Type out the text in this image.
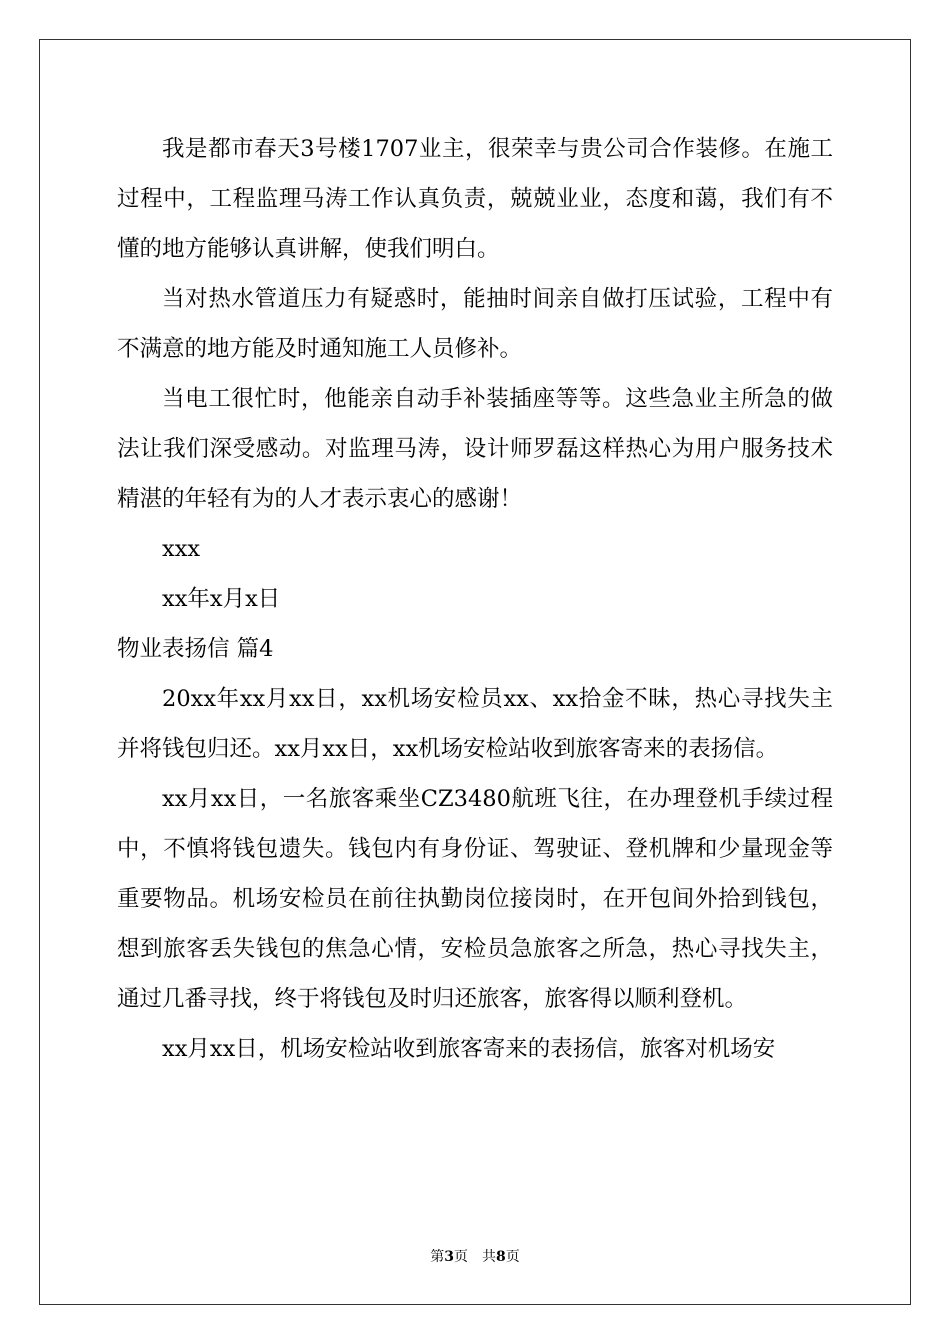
我是都市春天3号楼1707业主，很荣幸与贵公司合作装修。在施工过程中，工程监理马涛工作认真负责，兢兢业业，态度和蔼，我们有不懂的地方能够认真讲解，使我们明白。

当对热水管道压力有疑惑时，能抽时间亲自做打压试验，工程中有不满意的地方能及时通知施工人员修补。

当电工很忙时，他能亲自动手补装插座等等。这些急业主所急的做法让我们深受感动。对监理马涛，设计师罗磊这样热心为用户服务技术精湛的年轻有为的人才表示衷心的感谢！

xxx

xx年x月x日

物业表扬信 篇4

20xx年xx月xx日，xx机场安检员xx、xx拾金不昧，热心寻找失主并将钱包归还。xx月xx日，xx机场安检站收到旅客寄来的表扬信。

xx月xx日，一名旅客乘坐CZ3480航班飞往，在办理登机手续过程中，不慎将钱包遗失。钱包内有身份证、驾驶证、登机牌和少量现金等重要物品。机场安检员在前往执勤岗位接岗时，在开包间外拾到钱包，想到旅客丢失钱包的焦急心情，安检员急旅客之所急，热心寻找失主，通过几番寻找，终于将钱包及时归还旅客，旅客得以顺利登机。

xx月xx日，机场安检站收到旅客寄来的表扬信，旅客对机场安

第3页　共8页
